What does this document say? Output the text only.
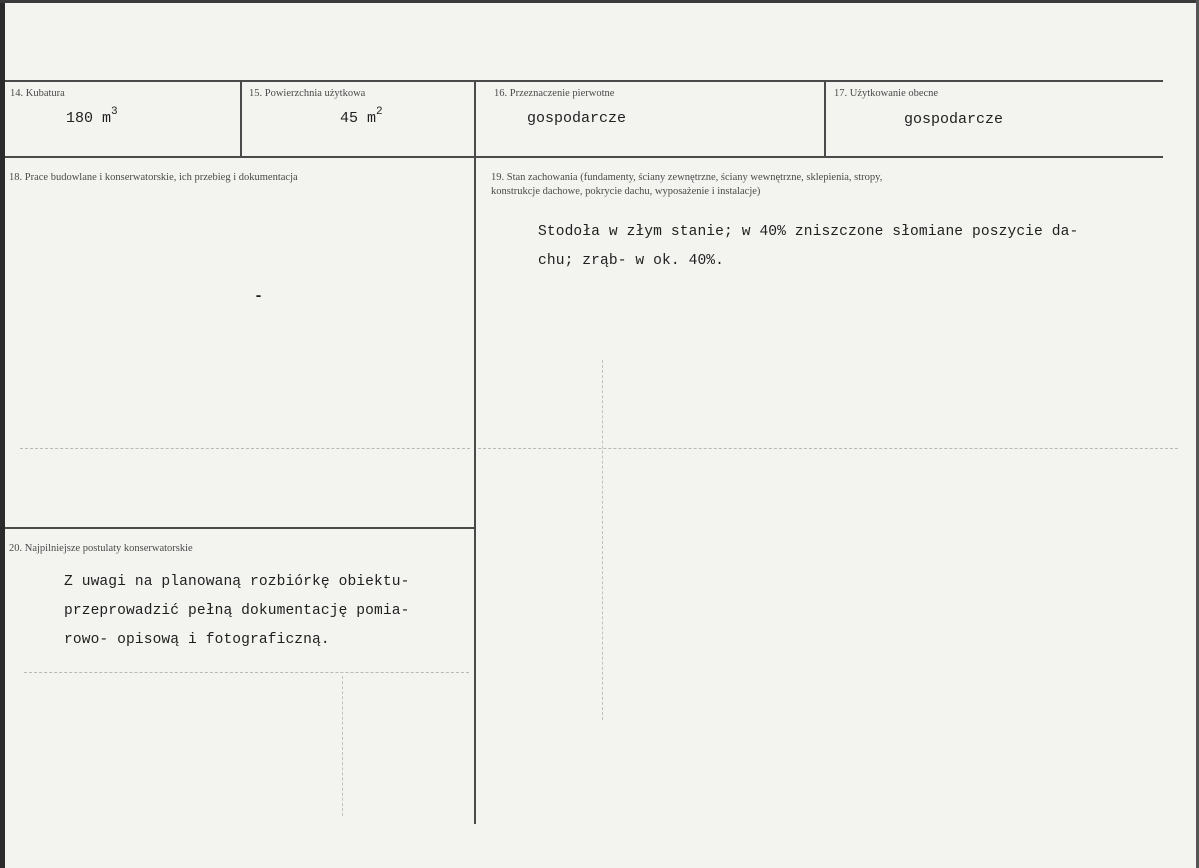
14. Kubatura
180 $m^3$
15. Powierzchnia użytkowa
45 $m^2$
16. Przeznaczenie pierwotne
gospodarcze
17. Użytkowanie obecne
gospodarcze
18. Prace budowlane i konserwatorskie, ich przebieg i dokumentacja
-
19. Stan zachowania (fundamenty, ściany zewnętrzne, ściany wewnętrzne, sklepienia, stropy,
konstrukcje dachowe, pokrycie dachu, wyposażenie i instalacje)
Stodoła w złym stanie; w 40% zniszczone słomiane poszycie da-
chu; zrąb- w ok. 40%.
20. Najpilniejsze postulaty konserwatorskie
Z uwagi na planowaną rozbiórkę obiektu-
przeprowadzić pełną dokumentację pomia-
rowo- opisową i fotograficzną.
